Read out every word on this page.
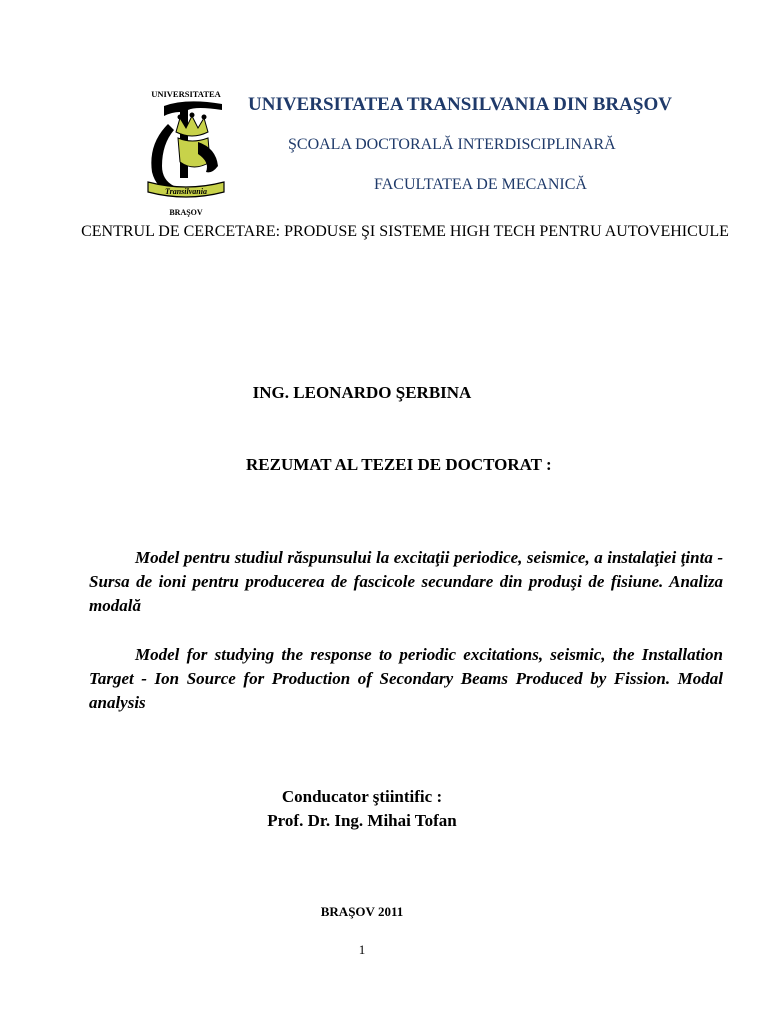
UNIVERSITATEA
Transilvania
BRAŞOV
UNIVERSITATEA TRANSILVANIA DIN BRAŞOV
ŞCOALA DOCTORALĂ INTERDISCIPLINARĂ
FACULTATEA DE MECANICĂ
CENTRUL DE CERCETARE: PRODUSE ŞI SISTEME HIGH TECH PENTRU AUTOVEHICULE
ING. LEONARDO ŞERBINA
REZUMAT AL TEZEI DE DOCTORAT :
Model pentru studiul răspunsului la excitaţii periodice, seismice, a instalaţiei ţinta - Sursa de ioni pentru producerea de fascicole secundare din produşi de fisiune. Analiza modală
Model for studying the response to periodic excitations, seismic, the Installation Target - Ion Source for Production of Secondary Beams Produced by Fission. Modal analysis
Conducator ştiintific :
Prof. Dr. Ing. Mihai Tofan
BRAŞOV 2011
1
